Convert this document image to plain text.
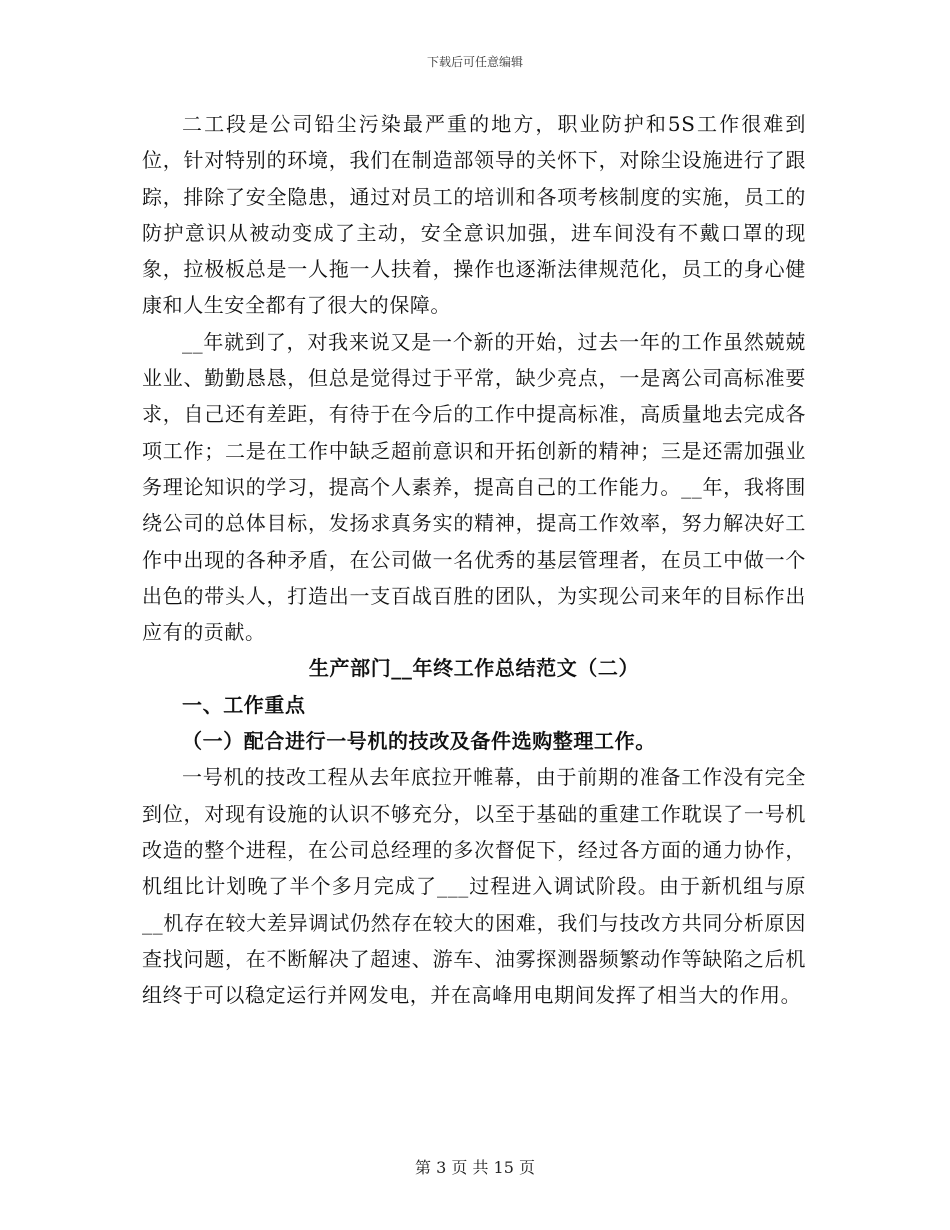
下载后可任意编辑

二工段是公司铅尘污染最严重的地方，职业防护和5S工作很难到位，针对特别的环境，我们在制造部领导的关怀下，对除尘设施进行了跟踪，排除了安全隐患，通过对员工的培训和各项考核制度的实施，员工的防护意识从被动变成了主动，安全意识加强，进车间没有不戴口罩的现象，拉极板总是一人拖一人扶着，操作也逐渐法律规范化，员工的身心健康和人生安全都有了很大的保障。

__年就到了，对我来说又是一个新的开始，过去一年的工作虽然兢兢业业、勤勤恳恳，但总是觉得过于平常，缺少亮点，一是离公司高标准要求，自己还有差距，有待于在今后的工作中提高标准，高质量地去完成各项工作；二是在工作中缺乏超前意识和开拓创新的精神；三是还需加强业务理论知识的学习，提高个人素养，提高自己的工作能力。__年，我将围绕公司的总体目标，发扬求真务实的精神，提高工作效率，努力解决好工作中出现的各种矛盾，在公司做一名优秀的基层管理者，在员工中做一个出色的带头人，打造出一支百战百胜的团队，为实现公司来年的目标作出应有的贡献。

生产部门__年终工作总结范文（二）
一、工作重点
（一）配合进行一号机的技改及备件选购整理工作。

一号机的技改工程从去年底拉开帷幕，由于前期的准备工作没有完全到位，对现有设施的认识不够充分，以至于基础的重建工作耽误了一号机改造的整个进程，在公司总经理的多次督促下，经过各方面的通力协作，机组比计划晚了半个多月完成了___过程进入调试阶段。由于新机组与原__机存在较大差异调试仍然存在较大的困难，我们与技改方共同分析原因查找问题，在不断解决了超速、游车、油雾探测器频繁动作等缺陷之后机组终于可以稳定运行并网发电，并在高峰用电期间发挥了相当大的作用。

第 3 页 共 15 页
